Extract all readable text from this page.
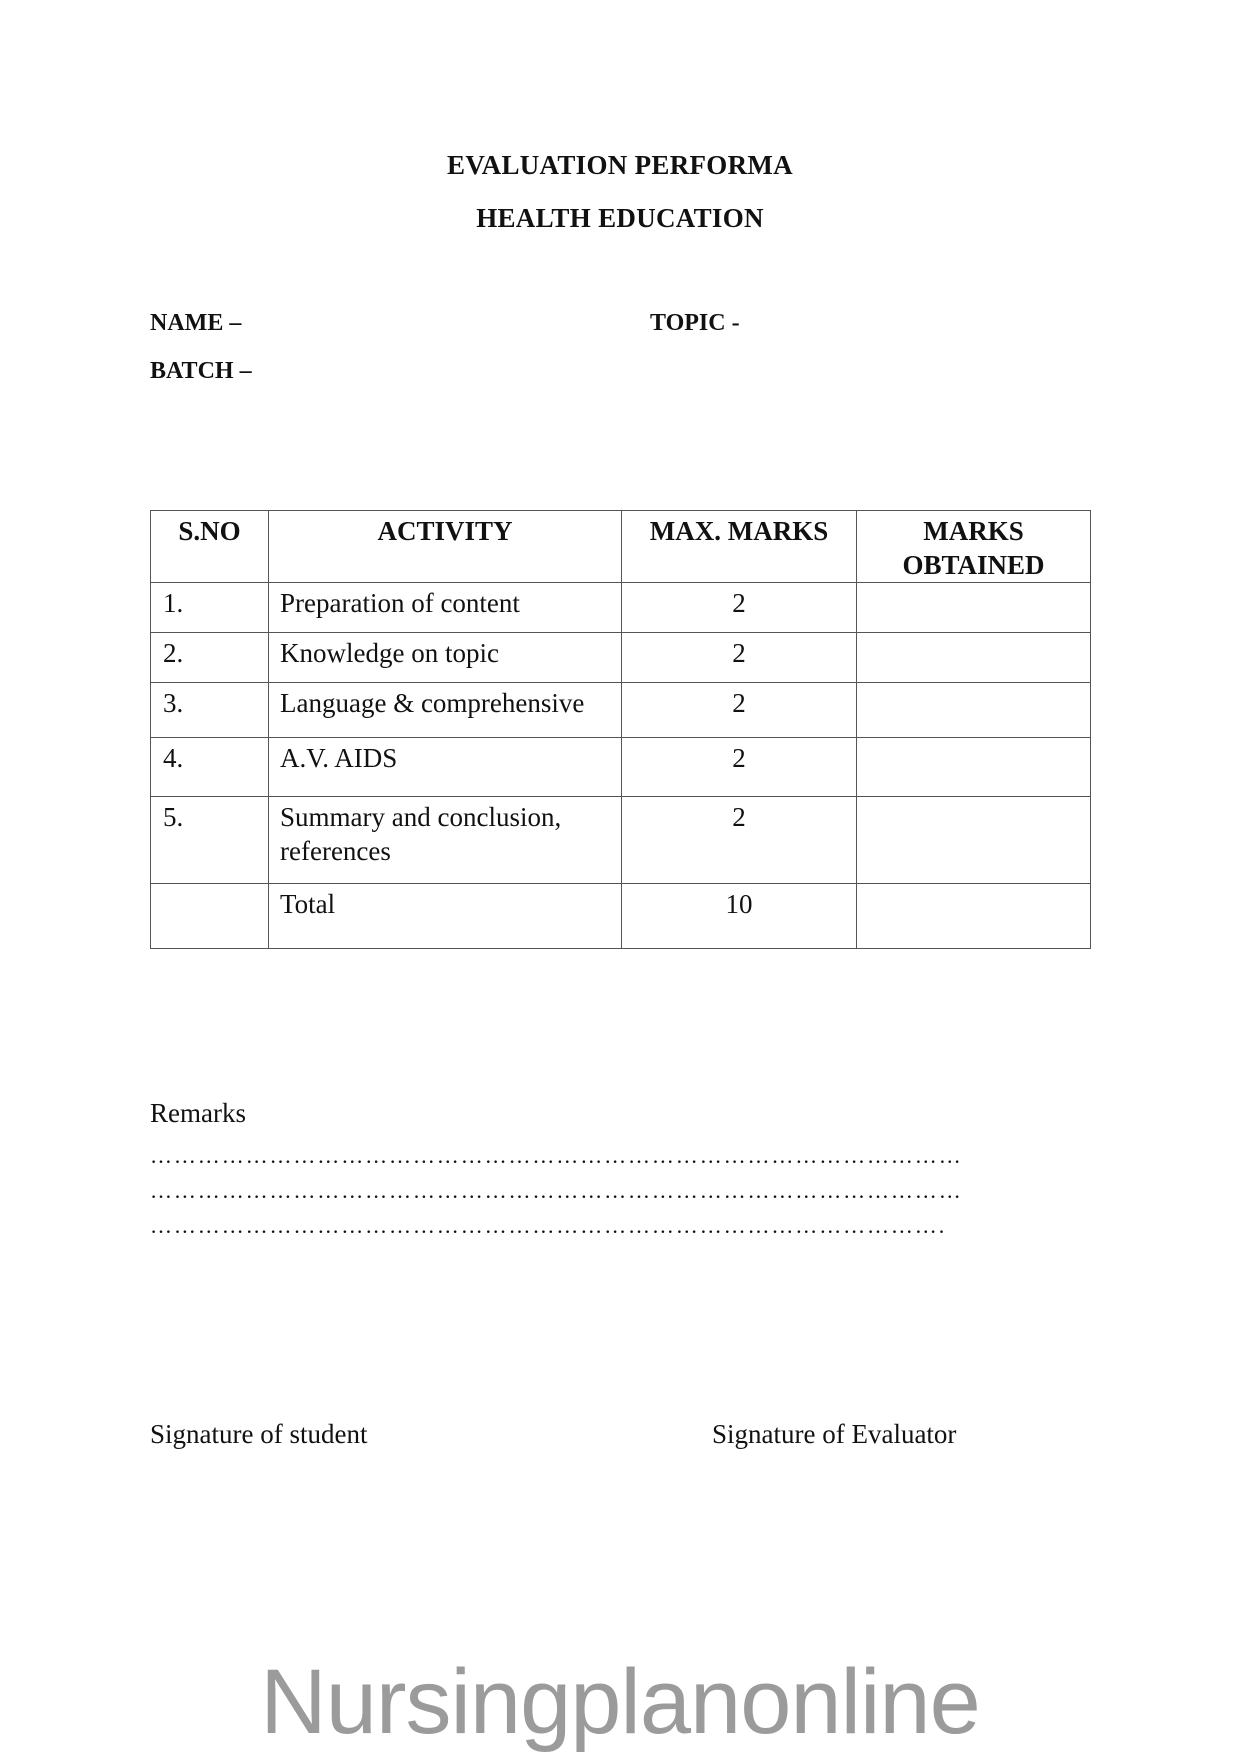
EVALUATION PERFORMA
HEALTH EDUCATION
NAME –	TOPIC -
BATCH –
S.NO	ACTIVITY	MAX. MARKS	MARKS OBTAINED
1.	Preparation of content	2	
2.	Knowledge on topic	2	
3.	Language & comprehensive	2	
4.	A.V. AIDS	2	
5.	Summary and conclusion, references	2	
	Total	10	
Remarks
…………………………………………………………………………………………
…………………………………………………………………………………………
……………………………………………………………………………………….
Signature of student	Signature of Evaluator
Nursingplanonline
